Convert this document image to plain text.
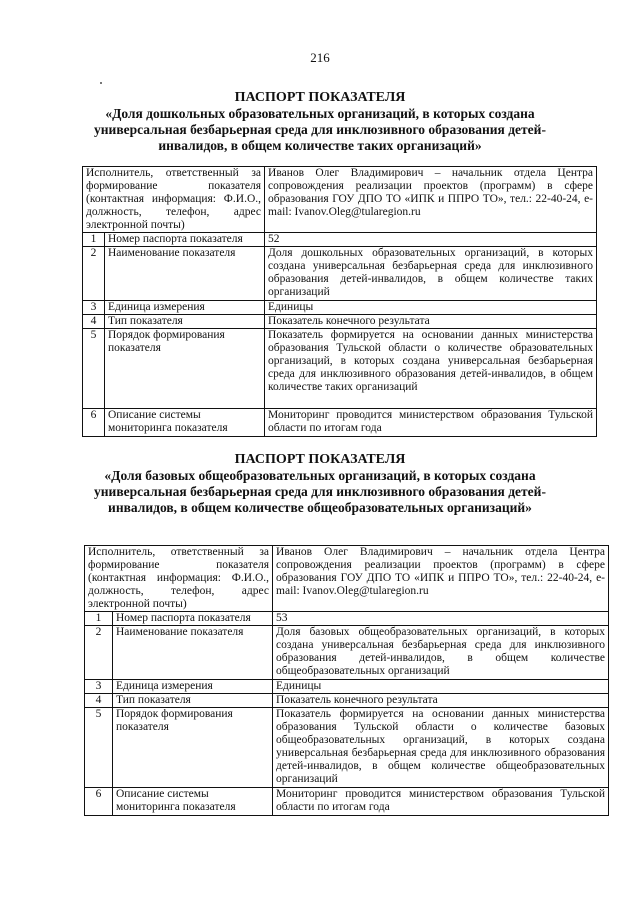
216

ПАСПОРТ ПОКАЗАТЕЛЯ

«Доля дошкольных образовательных организаций, в которых создана универсальная безбарьерная среда для инклюзивного образования детей-инвалидов, в общем количестве таких организаций»

Исполнитель, ответственный за формирование показателя (контактная информация: Ф.И.О., должность, телефон, адрес электронной почты)		Иванов Олег Владимирович – начальник отдела Центра сопровождения реализации проектов (программ) в сфере образования ГОУ ДПО ТО «ИПК и ППРО ТО», тел.: 22-40-24, e-mail: Ivanov.Oleg@tularegion.ru

1	Номер паспорта показателя	52
2	Наименование показателя	Доля дошкольных образовательных организаций, в которых создана универсальная безбарьерная среда для инклюзивного образования детей-инвалидов, в общем количестве таких организаций
3	Единица измерения	Единицы
4	Тип показателя	Показатель конечного результата
5	Порядок формирования показателя	Показатель формируется на основании данных министерства образования Тульской области о количестве образовательных организаций, в которых создана универсальная безбарьерная среда для инклюзивного образования детей-инвалидов, в общем количестве таких организаций
6	Описание системы мониторинга показателя	Мониторинг проводится министерством образования Тульской области по итогам года

ПАСПОРТ ПОКАЗАТЕЛЯ

«Доля базовых общеобразовательных организаций, в которых создана универсальная безбарьерная среда для инклюзивного образования детей-инвалидов, в общем количестве общеобразовательных организаций»

Исполнитель, ответственный за формирование показателя (контактная информация: Ф.И.О., должность, телефон, адрес электронной почты)		Иванов Олег Владимирович – начальник отдела Центра сопровождения реализации проектов (программ) в сфере образования ГОУ ДПО ТО «ИПК и ППРО ТО», тел.: 22-40-24, e-mail: Ivanov.Oleg@tularegion.ru

1	Номер паспорта показателя	53
2	Наименование показателя	Доля базовых общеобразовательных организаций, в которых создана универсальная безбарьерная среда для инклюзивного образования детей-инвалидов, в общем количестве общеобразовательных организаций
3	Единица измерения	Единицы
4	Тип показателя	Показатель конечного результата
5	Порядок формирования показателя	Показатель формируется на основании данных министерства образования Тульской области о количестве базовых общеобразовательных организаций, в которых создана универсальная безбарьерная среда для инклюзивного образования детей-инвалидов, в общем количестве общеобразовательных организаций
6	Описание системы мониторинга показателя	Мониторинг проводится министерством образования Тульской области по итогам года
